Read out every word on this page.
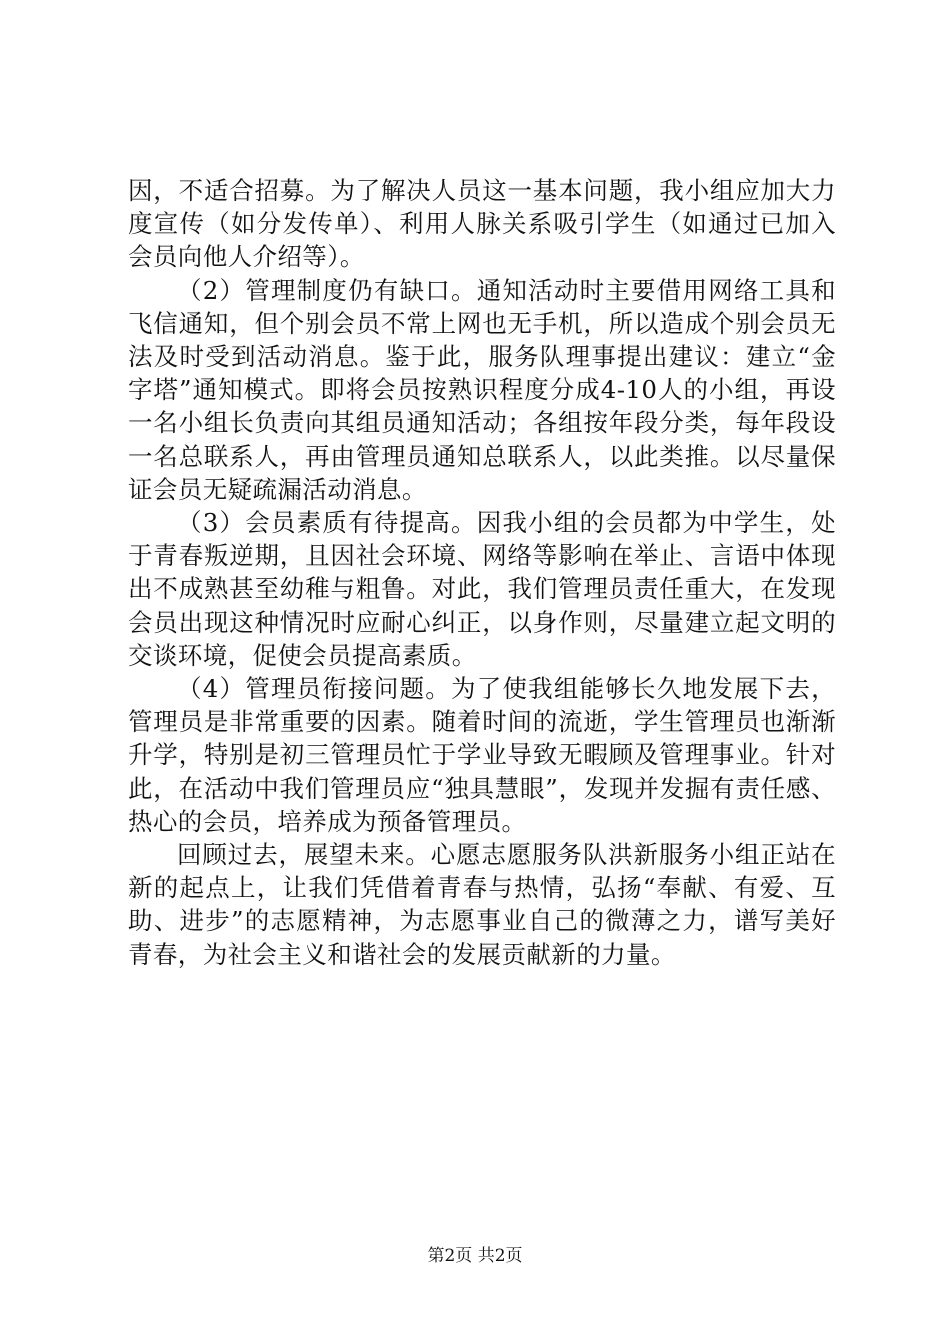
因，不适合招募。为了解决人员这一基本问题，我小组应加大力度宣传（如分发传单）、利用人脉关系吸引学生（如通过已加入会员向他人介绍等）。

（2）管理制度仍有缺口。通知活动时主要借用网络工具和飞信通知，但个别会员不常上网也无手机，所以造成个别会员无法及时受到活动消息。鉴于此，服务队理事提出建议：建立“金字塔”通知模式。即将会员按熟识程度分成4-10人的小组，再设一名小组长负责向其组员通知活动；各组按年段分类，每年段设一名总联系人，再由管理员通知总联系人，以此类推。以尽量保证会员无疑疏漏活动消息。

（3）会员素质有待提高。因我小组的会员都为中学生，处于青春叛逆期，且因社会环境、网络等影响在举止、言语中体现出不成熟甚至幼稚与粗鲁。对此，我们管理员责任重大，在发现会员出现这种情况时应耐心纠正，以身作则，尽量建立起文明的交谈环境，促使会员提高素质。

（4）管理员衔接问题。为了使我组能够长久地发展下去，管理员是非常重要的因素。随着时间的流逝，学生管理员也渐渐升学，特别是初三管理员忙于学业导致无暇顾及管理事业。针对此，在活动中我们管理员应“独具慧眼”，发现并发掘有责任感、热心的会员，培养成为预备管理员。

回顾过去，展望未来。心愿志愿服务队洪新服务小组正站在新的起点上，让我们凭借着青春与热情，弘扬“奉献、有爱、互助、进步”的志愿精神，为志愿事业自己的微薄之力，谱写美好青春，为社会主义和谐社会的发展贡献新的力量。

第2页 共2页
